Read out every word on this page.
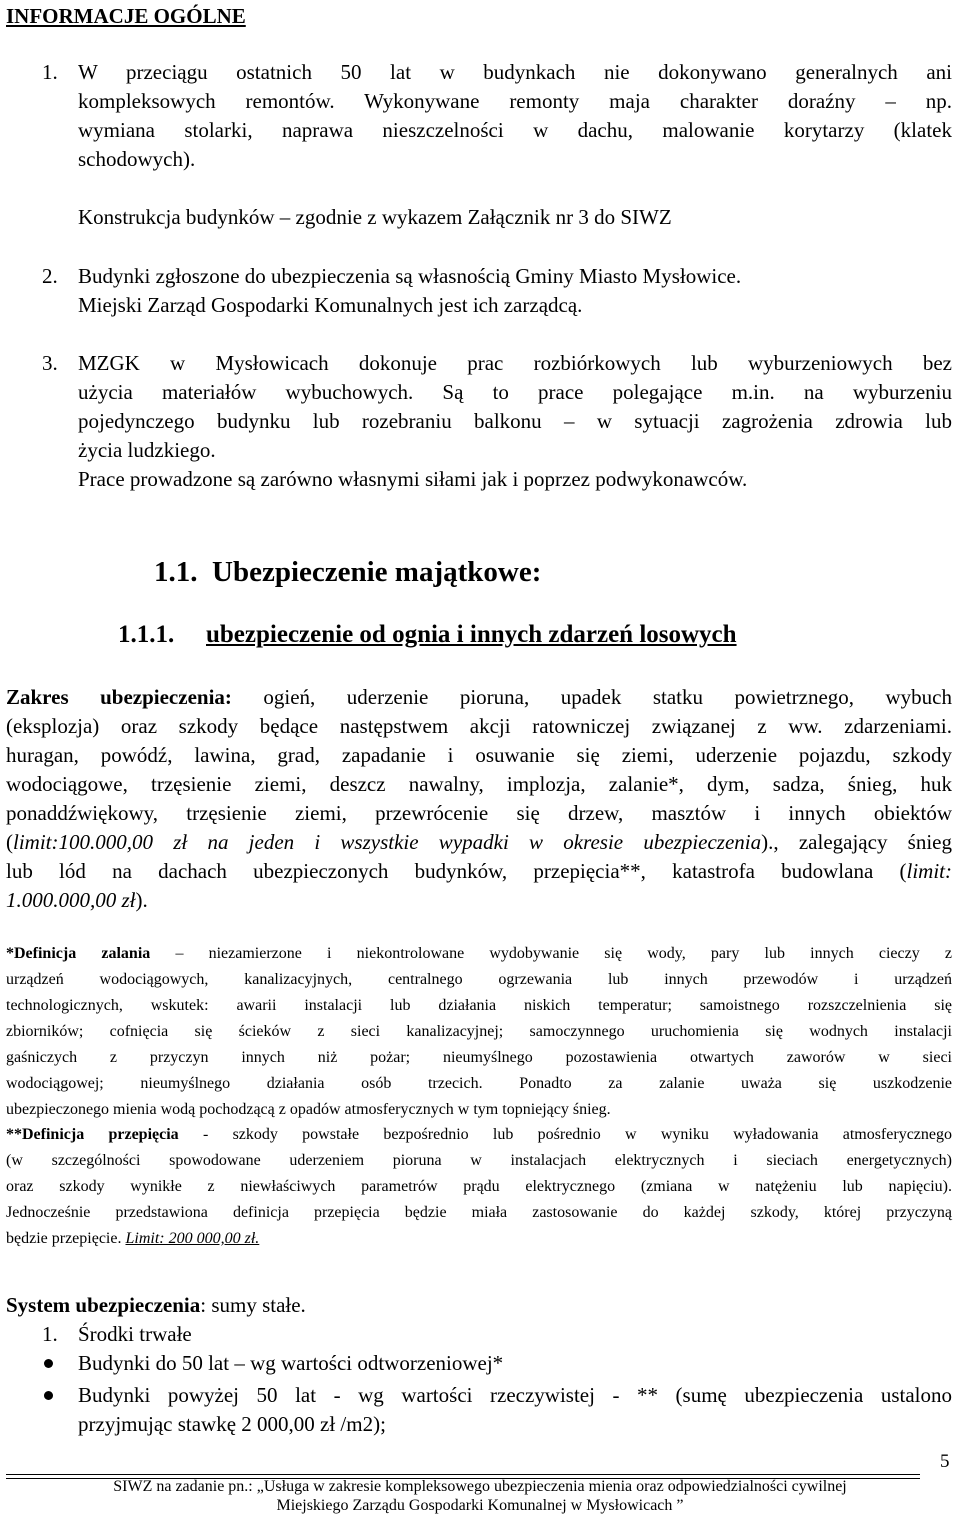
INFORMACJE OGÓLNE
1. W przeciągu ostatnich 50 lat w budynkach nie dokonywano generalnych ani
kompleksowych remontów. Wykonywane remonty maja charakter doraźny – np.
wymiana stolarki, naprawa nieszczelności w dachu, malowanie korytarzy (klatek
schodowych).
Konstrukcja budynków – zgodnie z wykazem Załącznik nr 3 do SIWZ
2. Budynki zgłoszone do ubezpieczenia są własnością Gminy Miasto Mysłowice.
Miejski Zarząd Gospodarki Komunalnych jest ich zarządcą.
3. MZGK w Mysłowicach dokonuje prac rozbiórkowych lub wyburzeniowych bez
użycia materiałów wybuchowych. Są to prace polegające m.in. na wyburzeniu
pojedynczego budynku lub rozebraniu balkonu – w sytuacji zagrożenia zdrowia lub
życia ludzkiego.
Prace prowadzone są zarówno własnymi siłami jak i poprzez podwykonawców.
1.1.  Ubezpieczenie majątkowe:
1.1.1. ubezpieczenie od ognia i innych zdarzeń losowych
Zakres ubezpieczenia: ogień, uderzenie pioruna, upadek statku powietrznego, wybuch
(eksplozja) oraz szkody będące następstwem akcji ratowniczej związanej z ww. zdarzeniami.
huragan, powódź, lawina, grad, zapadanie i osuwanie się ziemi, uderzenie pojazdu, szkody
wodociągowe, trzęsienie ziemi, deszcz nawalny, implozja, zalanie*, dym, sadza, śnieg, huk
ponaddźwiękowy, trzęsienie ziemi, przewrócenie się drzew, masztów i innych obiektów
(limit:100.000,00 zł na jeden i wszystkie wypadki w okresie ubezpieczenia)., zalegający śnieg
lub lód na dachach ubezpieczonych budynków, przepięcia**, katastrofa budowlana (limit:
1.000.000,00 zł).
*Definicja zalania – niezamierzone i niekontrolowane wydobywanie się wody, pary lub innych cieczy z
urządzeń wodociągowych, kanalizacyjnych, centralnego ogrzewania lub innych przewodów i urządzeń
technologicznych, wskutek: awarii instalacji lub działania niskich temperatur; samoistnego rozszczelnienia się
zbiorników; cofnięcia się ścieków z sieci kanalizacyjnej; samoczynnego uruchomienia się wodnych instalacji
gaśniczych z przyczyn innych niż pożar; nieumyślnego pozostawienia otwartych zaworów w sieci
wodociągowej; nieumyślnego działania osób trzecich. Ponadto za zalanie uważa się uszkodzenie
ubezpieczonego mienia wodą pochodzącą z opadów atmosferycznych w tym topniejący śnieg.
**Definicja przepięcia - szkody powstałe bezpośrednio lub pośrednio w wyniku wyładowania atmosferycznego
(w szczególności spowodowane uderzeniem pioruna w instalacjach elektrycznych i sieciach energetycznych)
oraz szkody wynikłe z niewłaściwych parametrów prądu elektrycznego (zmiana w natężeniu lub napięciu).
Jednocześnie przedstawiona definicja przepięcia będzie miała zastosowanie do każdej szkody, której przyczyną
będzie przepięcie. Limit: 200 000,00 zł.
System ubezpieczenia: sumy stałe.
1. Środki trwałe
Budynki do 50 lat – wg wartości odtworzeniowej*
Budynki powyżej 50 lat - wg wartości rzeczywistej - ** (sumę ubezpieczenia ustalono
przyjmując stawkę 2 000,00 zł /m2);
5
SIWZ na zadanie pn.: „Usługa w zakresie kompleksowego ubezpieczenia mienia oraz odpowiedzialności cywilnej
Miejskiego Zarządu Gospodarki Komunalnej w Mysłowicach ”
